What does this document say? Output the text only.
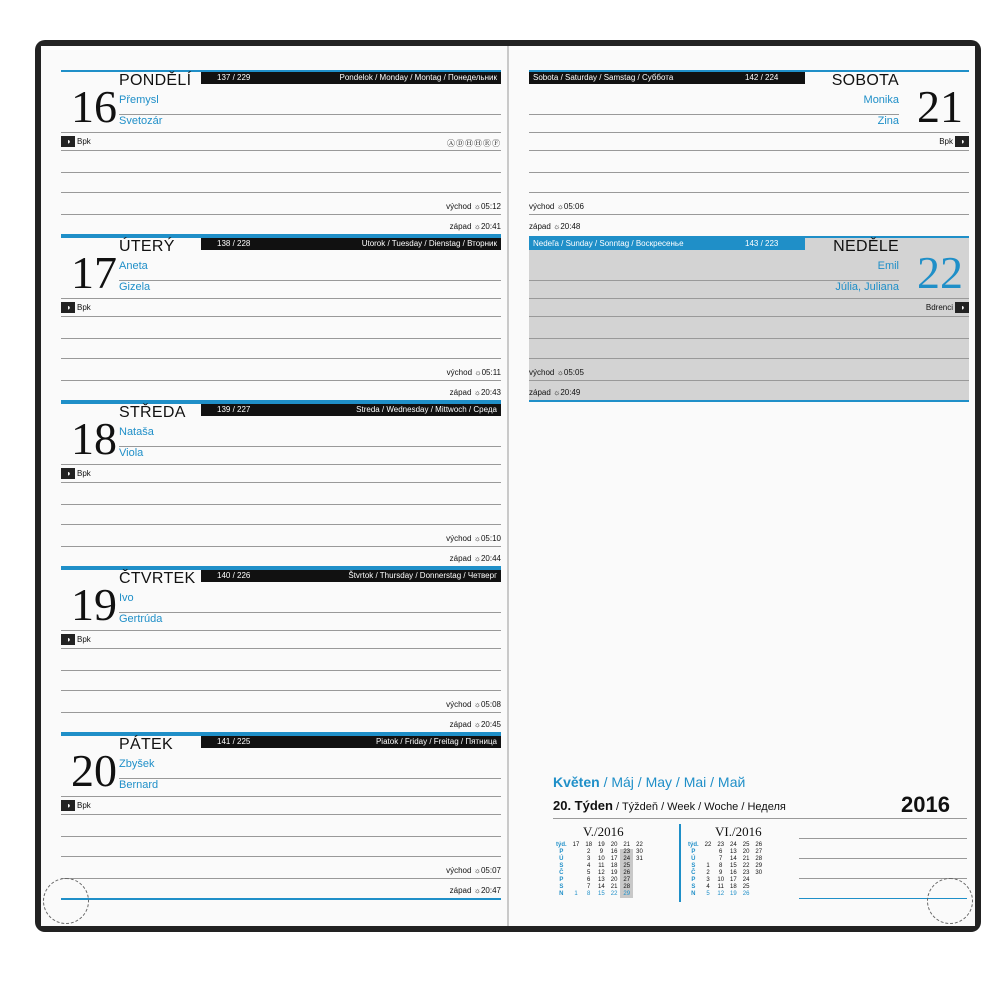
137 / 229	Pondelok / Monday / Montag / Понедельник
PONDĚLÍ
16 Přemysl
Svetozár
◑ Bpk	ⒶⒹⒽⒽⓇⒻ
východ ☼05:12
západ ☼20:41
138 / 228	Utorok / Tuesday / Dienstag / Вторник
ÚTERÝ
17 Aneta
Gizela
◑ Bpk
východ ☼05:11
západ ☼20:43
139 / 227	Streda / Wednesday / Mittwoch / Среда
STŘEDA
18 Nataša
Viola
◑ Bpk
východ ☼05:10
západ ☼20:44
140 / 226	Štvrtok / Thursday / Donnerstag / Четверг
ČTVRTEK
19 Ivo
Gertrúda
◑ Bpk
východ ☼05:08
západ ☼20:45
141 / 225	Piatok / Friday / Freitag / Пятница
PÁTEK
20 Zbyšek
Bernard
◑ Bpk
východ ☼05:07
západ ☼20:47
Květen / Máj / May / Mai / Май
20. Týden / Týždeň / Week / Woche / Неделя	2016
V./2016
týd.	17	18	19	20	21	22
P		2	9	16	23	30
Ú		3	10	17	24	31
S		4	11	18	25	
Č		5	12	19	26	
P		6	13	20	27	
S		7	14	21	28	
N	1	8	15	22	29	
VI./2016
týd.	22	23	24	25	26
P		6	13	20	27
Ú		7	14	21	28
S	1	8	15	22	29
Č	2	9	16	23	30
P	3	10	17	24	
S	4	11	18	25	
N	5	12	19	26	
Sobota / Saturday / Samstag / Суббота	142 / 224	SOBOTA
21
Monika
Zina
Bpk ◑
východ ☼05:06
západ ☼20:48
Nedeľa / Sunday / Sonntag / Воскресенье	143 / 223	NEDĚLE
22
Emil
Júlia, Juliana
Bdrenci ◑
východ ☼05:05
západ ☼20:49
